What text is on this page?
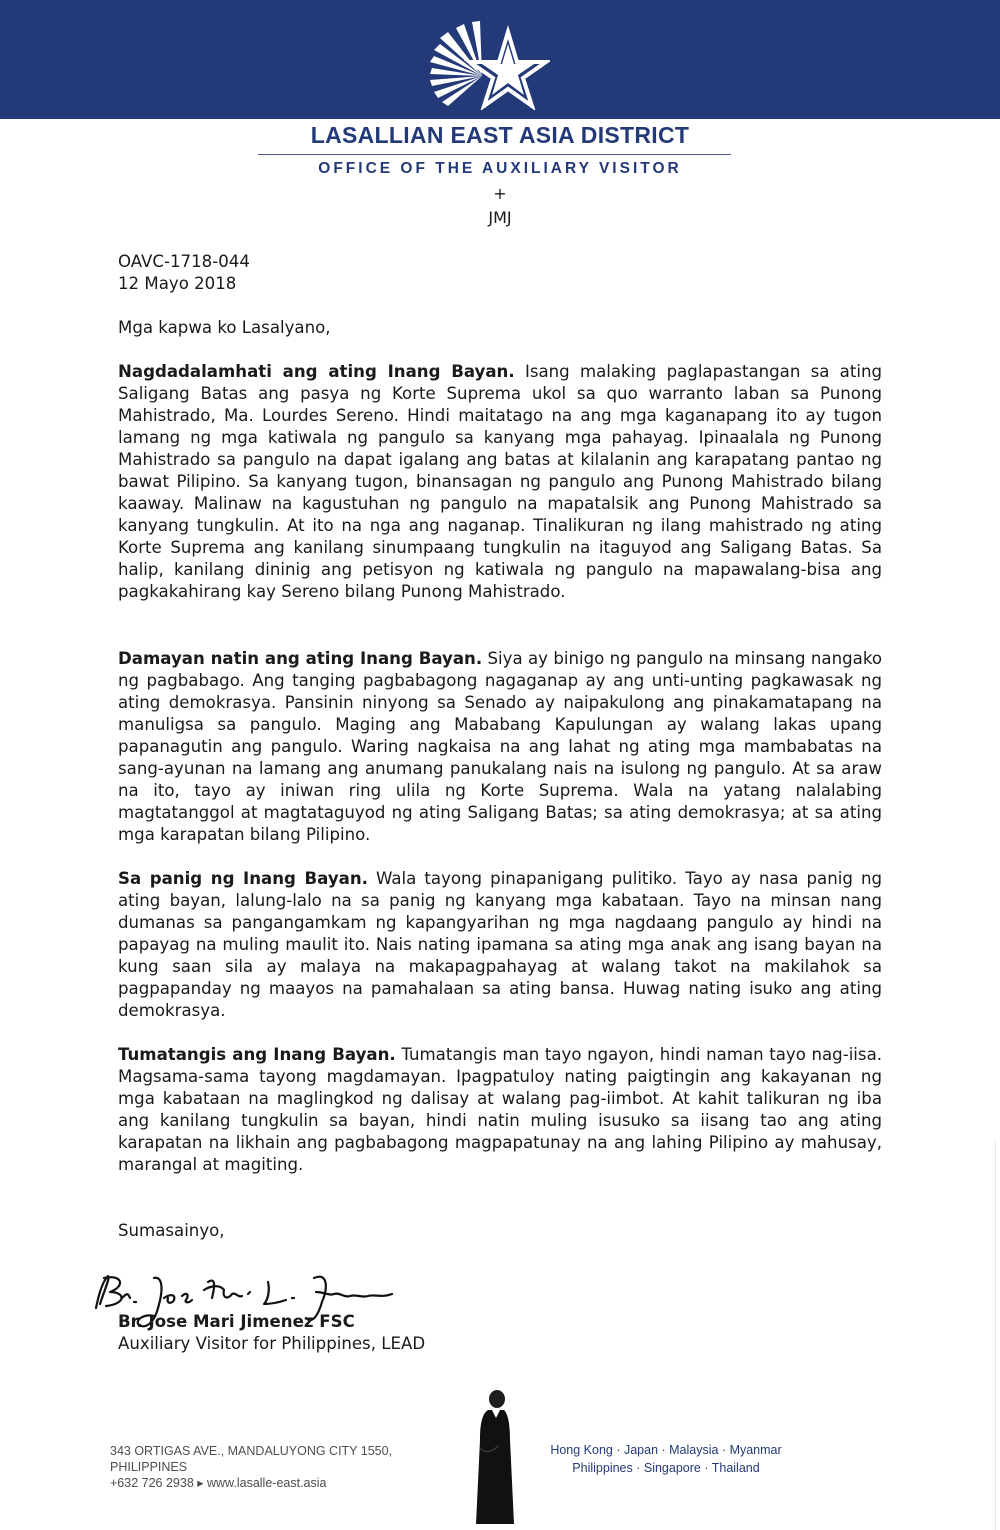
LASALLIAN EAST ASIA DISTRICT
OFFICE OF THE AUXILIARY VISITOR
+
JMJ
OAVC-1718-044
12 Mayo 2018
Mga kapwa ko Lasalyano,

Nagdadalamhati ang ating Inang Bayan. Isang malaking paglapastangan sa ating Saligang Batas ang pasya ng Korte Suprema ukol sa quo warranto laban sa Punong Mahistrado, Ma. Lourdes Sereno. Hindi maitatago na ang mga kaganapang ito ay tugon lamang ng mga katiwala ng pangulo sa kanyang mga pahayag. Ipinaalala ng Punong Mahistrado sa pangulo na dapat igalang ang batas at kilalanin ang karapatang pantao ng bawat Pilipino. Sa kanyang tugon, binansagan ng pangulo ang Punong Mahistrado bilang kaaway. Malinaw na kagustuhan ng pangulo na mapatalsik ang Punong Mahistrado sa kanyang tungkulin. At ito na nga ang naganap. Tinalikuran ng ilang mahistrado ng ating Korte Suprema ang kanilang sinumpaang tungkulin na itaguyod ang Saligang Batas. Sa halip, kanilang dininig ang petisyon ng katiwala ng pangulo na mapawalang-bisa ang pagkakahirang kay Sereno bilang Punong Mahistrado.

Damayan natin ang ating Inang Bayan. Siya ay binigo ng pangulo na minsang nangako ng pagbabago. Ang tanging pagbabagong nagaganap ay ang unti-unting pagkawasak ng ating demokrasya. Pansinin ninyong sa Senado ay naipakulong ang pinakamatapang na manuligsa sa pangulo. Maging ang Mababang Kapulungan ay walang lakas upang papanagutin ang pangulo. Waring nagkaisa na ang lahat ng ating mga mambabatas na sang-ayunan na lamang ang anumang panukalang nais na isulong ng pangulo. At sa araw na ito, tayo ay iniwan ring ulila ng Korte Suprema. Wala na yatang nalalabing magtatanggol at magtataguyod ng ating Saligang Batas; sa ating demokrasya; at sa ating mga karapatan bilang Pilipino.

Sa panig ng Inang Bayan. Wala tayong pinapanigang pulitiko. Tayo ay nasa panig ng ating bayan, lalung-lalo na sa panig ng kanyang mga kabataan. Tayo na minsan nang dumanas sa pangangamkam ng kapangyarihan ng mga nagdaang pangulo ay hindi na papayag na muling maulit ito. Nais nating ipamana sa ating mga anak ang isang bayan na kung saan sila ay malaya na makapagpahayag at walang takot na makilahok sa pagpapanday ng maayos na pamahalaan sa ating bansa. Huwag nating isuko ang ating demokrasya.

Tumatangis ang Inang Bayan. Tumatangis man tayo ngayon, hindi naman tayo nag-iisa. Magsama-sama tayong magdamayan. Ipagpatuloy nating paigtingin ang kakayanan ng mga kabataan na maglingkod ng dalisay at walang pag-iimbot. At kahit talikuran ng iba ang kanilang tungkulin sa bayan, hindi natin muling isusuko sa iisang tao ang ating karapatan na likhain ang pagbabagong magpapatunay na ang lahing Pilipino ay mahusay, marangal at magiting.

Sumasainyo,
Br. Jose Mari Jimenez FSC
Auxiliary Visitor for Philippines, LEAD
343 ORTIGAS AVE., MANDALUYONG CITY 1550, PHILIPPINES
+632 726 2938 ▸ www.lasalle-east.asia
Hong Kong · Japan · Malaysia · Myanmar
Philippines · Singapore · Thailand
